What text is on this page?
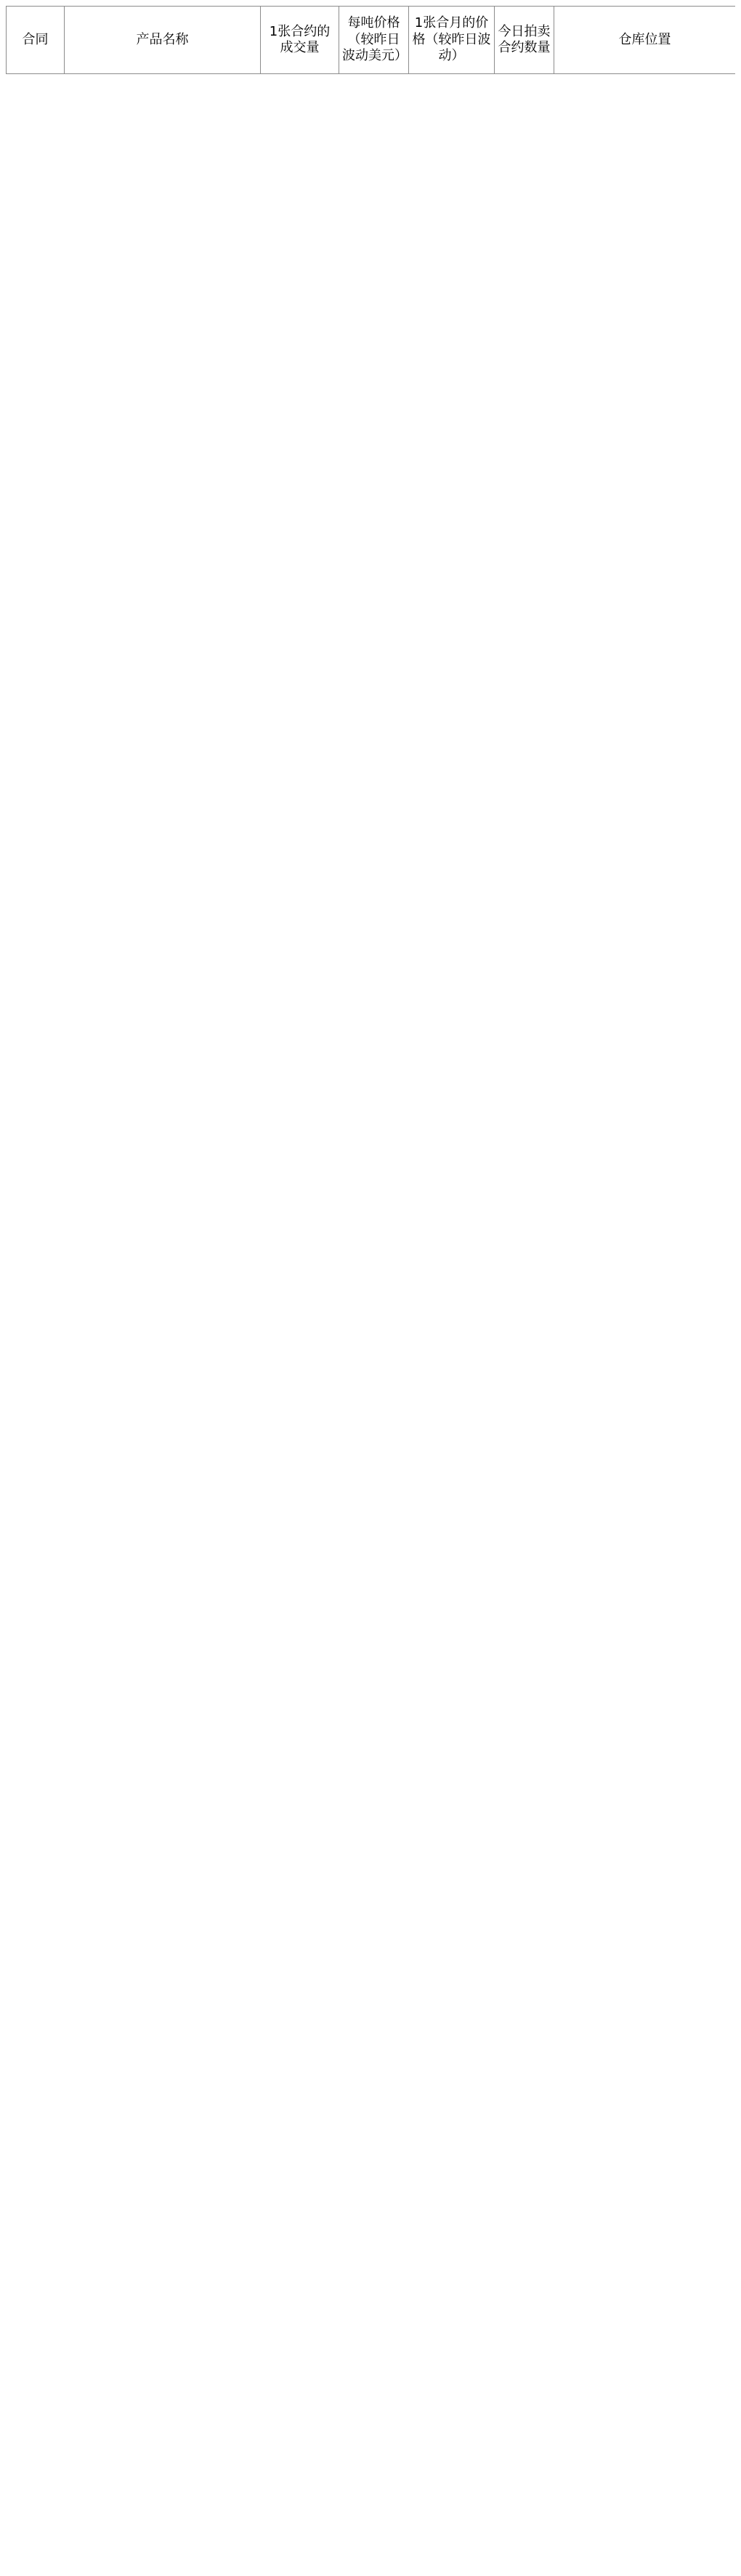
合同	产品名称	1张合约的成交量	每吨价格（较昨日波动美元）	1张合月的价格（较昨日波动）	今日拍卖合约数量	仓库位置
